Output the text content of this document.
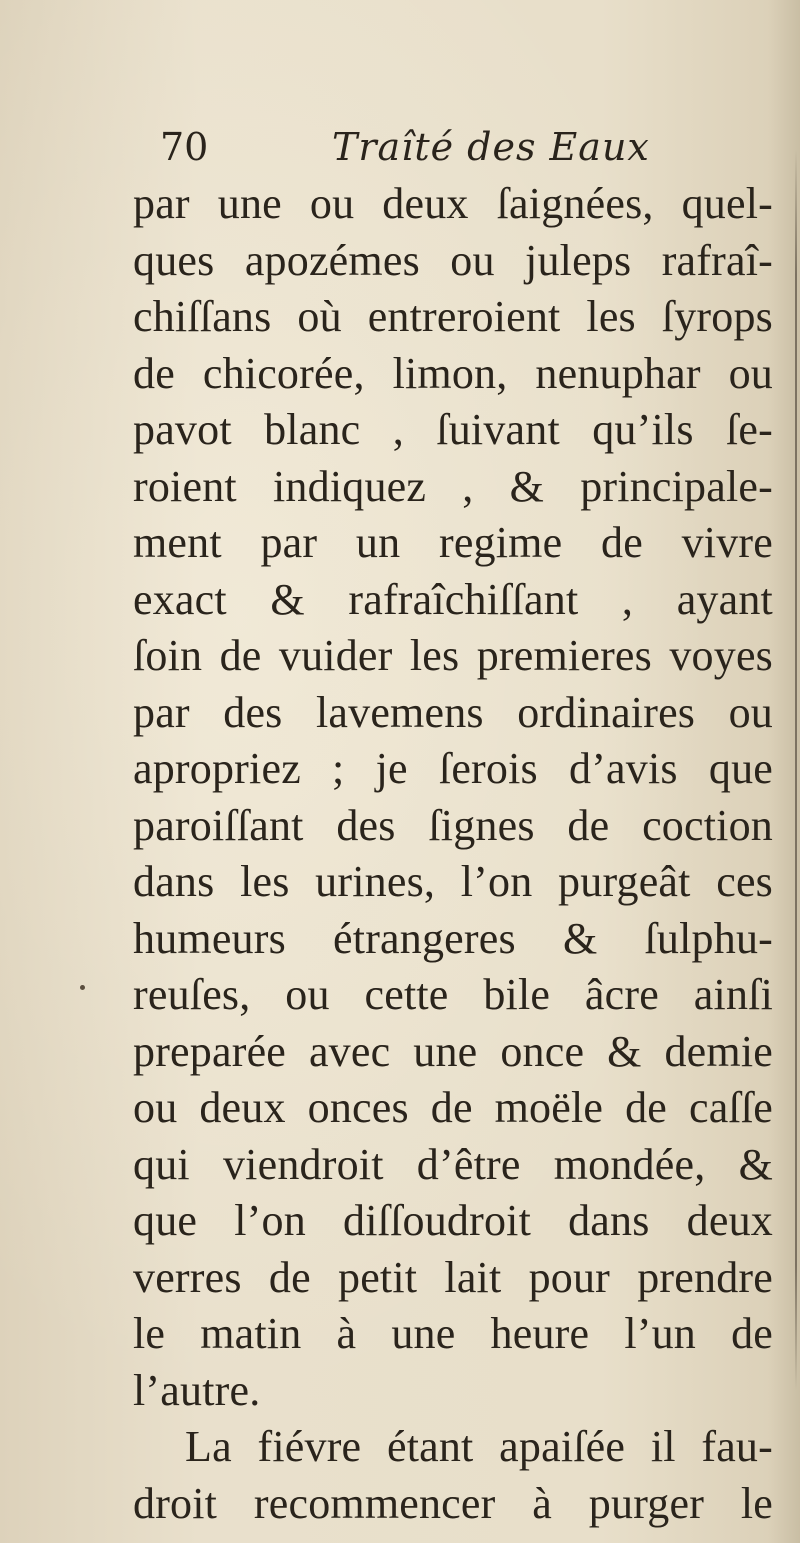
70	Traîté des Eaux
par une ou deux ſaignées, quel-
ques apozémes ou juleps rafraî-
chiſſans où entreroient les ſyrops
de chicorée, limon, nenuphar ou
pavot blanc , ſuivant qu’ils ſe-
roient indiquez , & principale-
ment par un regime de vivre
exact & rafraîchiſſant , ayant
ſoin de vuider les premieres voyes
par des lavemens ordinaires ou
apropriez ; je ſerois d’avis que
paroiſſant des ſignes de coction
dans les urines, l’on purgeât ces
humeurs étrangeres & ſulphu-
reuſes, ou cette bile âcre ainſi
preparée avec une once & demie
ou deux onces de moële de caſſe
qui viendroit d’être mondée, &
que l’on diſſoudroit dans deux
verres de petit lait pour prendre
le matin à une heure l’un de
l’autre.
La fiévre étant apaiſée il fau-
droit recommencer à purger le
